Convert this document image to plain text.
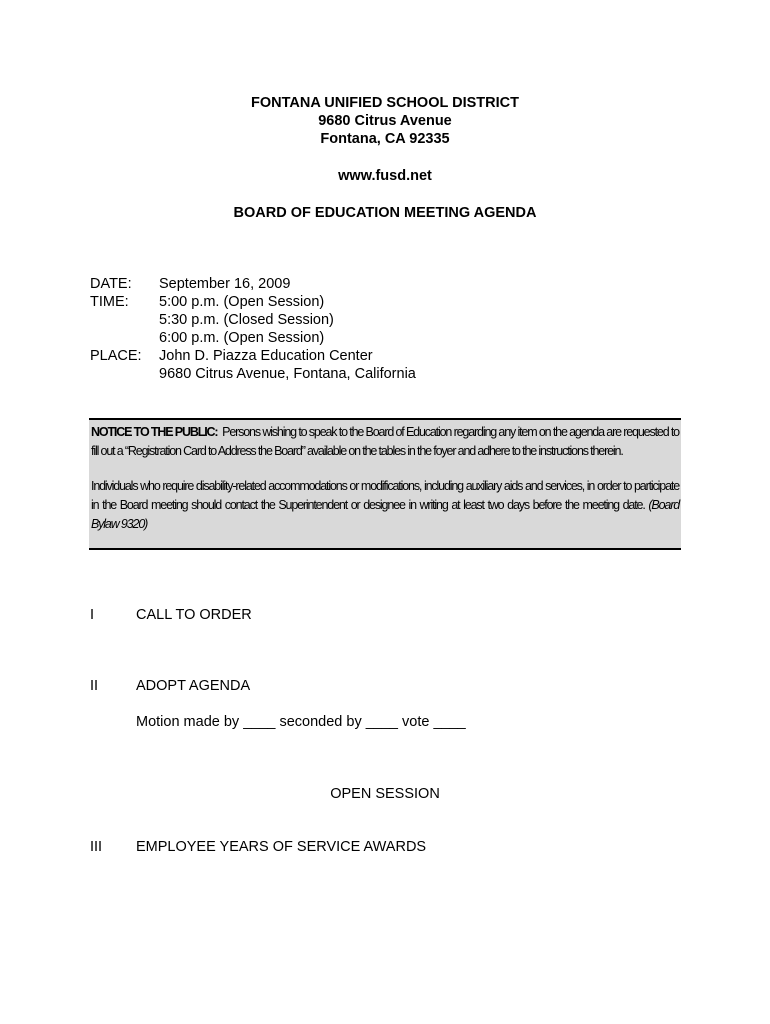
FONTANA UNIFIED SCHOOL DISTRICT
9680 Citrus Avenue
Fontana, CA 92335
www.fusd.net
BOARD OF EDUCATION MEETING AGENDA
DATE:	September 16, 2009
TIME:	5:00 p.m. (Open Session)
5:30 p.m. (Closed Session)
6:00 p.m. (Open Session)
PLACE:	John D. Piazza Education Center
9680 Citrus Avenue, Fontana, California

NOTICE TO THE PUBLIC: Persons wishing to speak to the Board of Education regarding any item on the agenda are requested to fill out a “Registration Card to Address the Board” available on the tables in the foyer and adhere to the instructions therein.

Individuals who require disability-related accommodations or modifications, including auxiliary aids and services, in order to participate in the Board meeting should contact the Superintendent or designee in writing at least two days before the meeting date. (Board Bylaw 9320)

I	CALL TO ORDER
II	ADOPT AGENDA
Motion made by ____ seconded by ____ vote ____
OPEN SESSION
III EMPLOYEE YEARS OF SERVICE AWARDS
